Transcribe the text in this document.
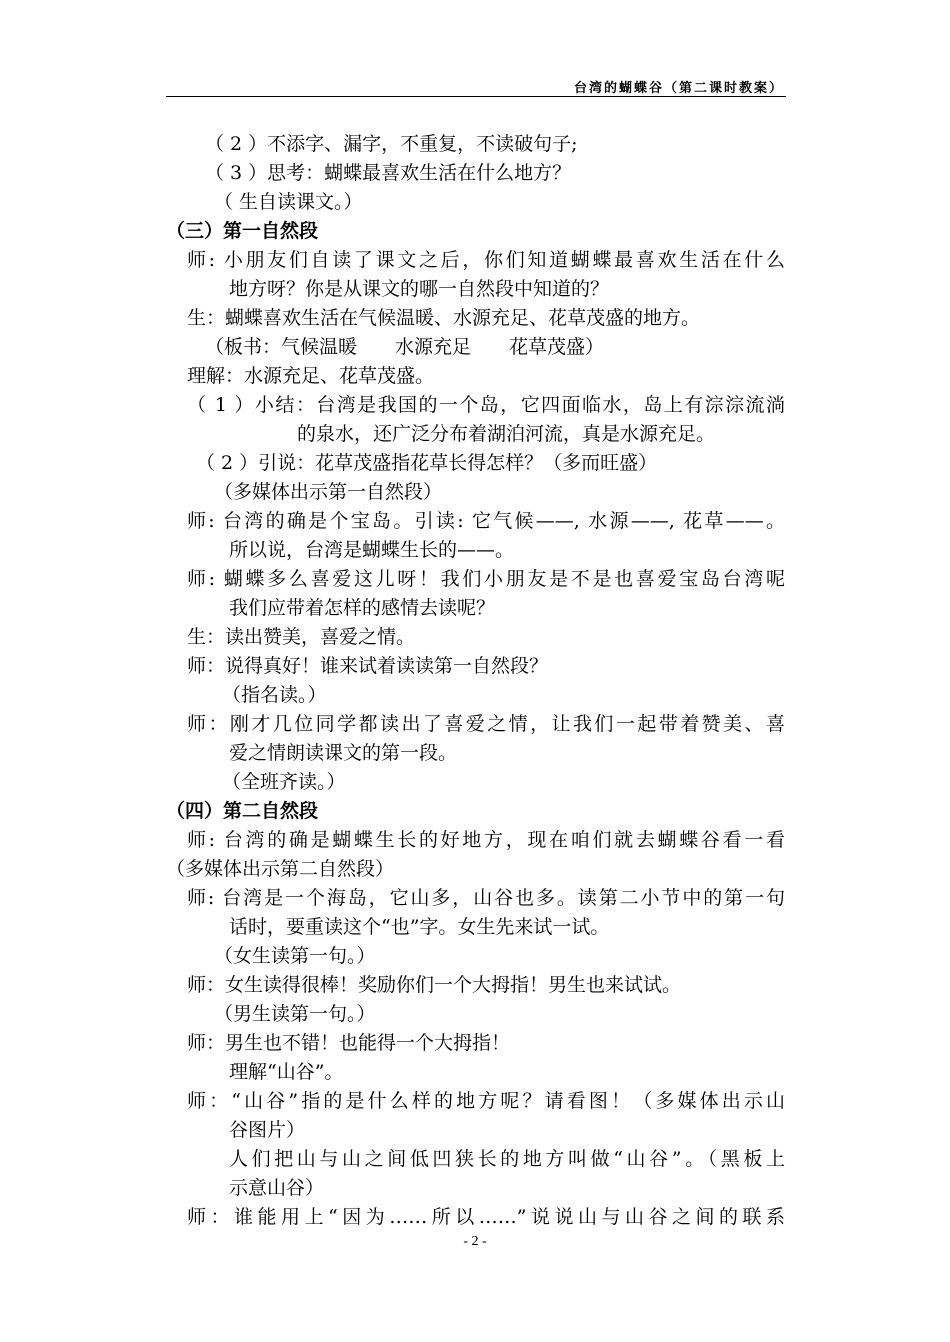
台湾的蝴蝶谷（第二课时教案）
（ 2 ）不添字、漏字，不重复，不读破句子;
（ 3 ）思考：蝴蝶最喜欢生活在什么地方？
（ 生自读课文。）
（三）第一自然段
师: 小朋友们自读了课文之后，你们知道蝴蝶最喜欢生活在什么
地方呀？你是从课文的哪一自然段中知道的？
生：蝴蝶喜欢生活在气候温暖、水源充足、花草茂盛的地方。
（板书：气候温暖　　水源充足　　花草茂盛）
理解：水源充足、花草茂盛。
（ 1 ）小结：台湾是我国的一个岛，它四面临水，岛上有淙淙流淌
的泉水，还广泛分布着湖泊河流，真是水源充足。
（ 2 ）引说：花草茂盛指花草长得怎样？（多而旺盛）
（多媒体出示第一自然段）
师: 台湾的确是个宝岛。引读: 它气候——, 水源——, 花草——。
所以说，台湾是蝴蝶生长的——。
师: 蝴蝶多么喜爱这儿呀！我们小朋友是不是也喜爱宝岛台湾呢
我们应带着怎样的感情去读呢？
生：读出赞美，喜爱之情。
师：说得真好！谁来试着读读第一自然段？
（指名读。）
师：刚才几位同学都读出了喜爱之情，让我们一起带着赞美、喜
爱之情朗读课文的第一段。
（全班齐读。）
（四）第二自然段
师: 台湾的确是蝴蝶生长的好地方，现在咱们就去蝴蝶谷看一看
（多媒体出示第二自然段）
师: 台湾是一个海岛，它山多，山谷也多。读第二小节中的第一句
话时，要重读这个“也”字。女生先来试一试。
（女生读第一句。）
师：女生读得很棒！奖励你们一个大拇指！男生也来试试。
（男生读第一句。）
师：男生也不错！也能得一个大拇指！
理解“山谷”。
师：“山谷”指的是什么样的地方呢？请看图！（多媒体出示山
谷图片）
人们把山与山之间低凹狭长的地方叫做“山谷”。（黑板上
示意山谷）
师：谁能用上“因为……所以……”说说山与山谷之间的联系
- 2 -
